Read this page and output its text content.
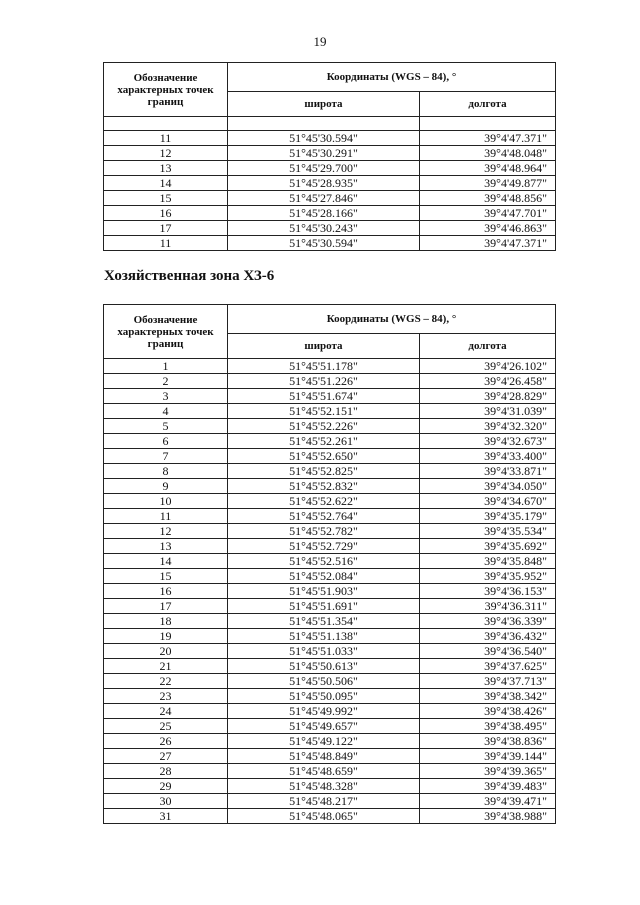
19
Обозначение характерных точек границ	Координаты (WGS – 84), °	
	широта	долгота

11	51°45'30.594"	39°4'47.371"
12	51°45'30.291"	39°4'48.048"
13	51°45'29.700"	39°4'48.964"
14	51°45'28.935"	39°4'49.877"
15	51°45'27.846"	39°4'48.856"
16	51°45'28.166"	39°4'47.701"
17	51°45'30.243"	39°4'46.863"
11	51°45'30.594"	39°4'47.371"
Хозяйственная зона ХЗ-6
Обозначение характерных точек границ	Координаты (WGS – 84), °	
	широта	долгота
1	51°45'51.178"	39°4'26.102"
2	51°45'51.226"	39°4'26.458"
3	51°45'51.674"	39°4'28.829"
4	51°45'52.151"	39°4'31.039"
5	51°45'52.226"	39°4'32.320"
6	51°45'52.261"	39°4'32.673"
7	51°45'52.650"	39°4'33.400"
8	51°45'52.825"	39°4'33.871"
9	51°45'52.832"	39°4'34.050"
10	51°45'52.622"	39°4'34.670"
11	51°45'52.764"	39°4'35.179"
12	51°45'52.782"	39°4'35.534"
13	51°45'52.729"	39°4'35.692"
14	51°45'52.516"	39°4'35.848"
15	51°45'52.084"	39°4'35.952"
16	51°45'51.903"	39°4'36.153"
17	51°45'51.691"	39°4'36.311"
18	51°45'51.354"	39°4'36.339"
19	51°45'51.138"	39°4'36.432"
20	51°45'51.033"	39°4'36.540"
21	51°45'50.613"	39°4'37.625"
22	51°45'50.506"	39°4'37.713"
23	51°45'50.095"	39°4'38.342"
24	51°45'49.992"	39°4'38.426"
25	51°45'49.657"	39°4'38.495"
26	51°45'49.122"	39°4'38.836"
27	51°45'48.849"	39°4'39.144"
28	51°45'48.659"	39°4'39.365"
29	51°45'48.328"	39°4'39.483"
30	51°45'48.217"	39°4'39.471"
31	51°45'48.065"	39°4'38.988"
